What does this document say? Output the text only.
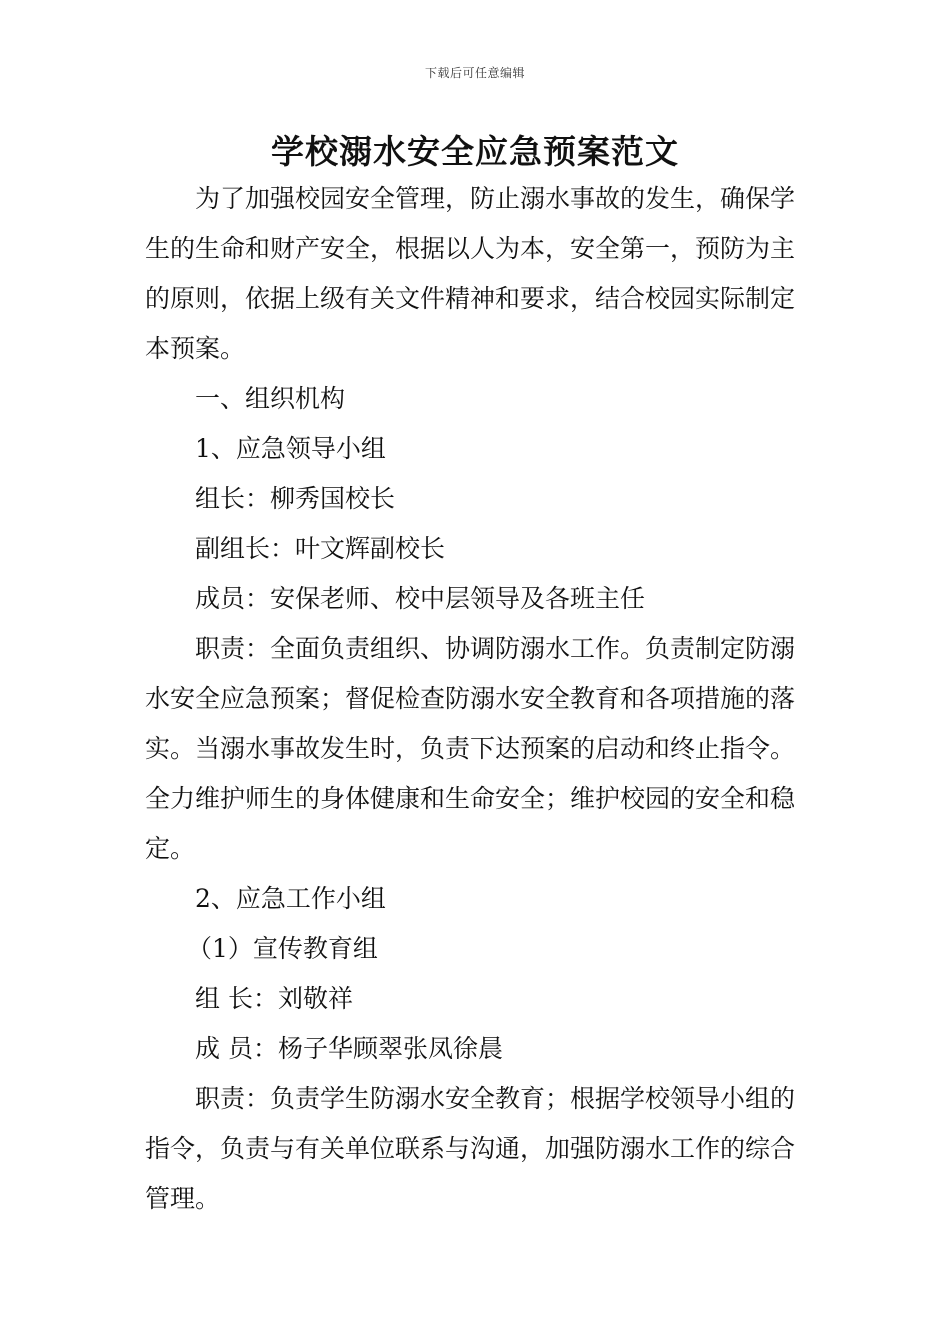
下载后可任意编辑
学校溺水安全应急预案范文

为了加强校园安全管理，防止溺水事故的发生，确保学生的生命和财产安全，根据以人为本，安全第一，预防为主的原则，依据上级有关文件精神和要求，结合校园实际制定本预案。

一、组织机构

1、应急领导小组

组长：柳秀国校长

副组长：叶文辉副校长

成员：安保老师、校中层领导及各班主任

职责：全面负责组织、协调防溺水工作。负责制定防溺水安全应急预案；督促检查防溺水安全教育和各项措施的落实。当溺水事故发生时，负责下达预案的启动和终止指令。全力维护师生的身体健康和生命安全；维护校园的安全和稳定。

2、应急工作小组

（1）宣传教育组

组 长：刘敬祥

成 员：杨子华顾翠张凤徐晨

职责：负责学生防溺水安全教育；根据学校领导小组的指令，负责与有关单位联系与沟通，加强防溺水工作的综合管理。
